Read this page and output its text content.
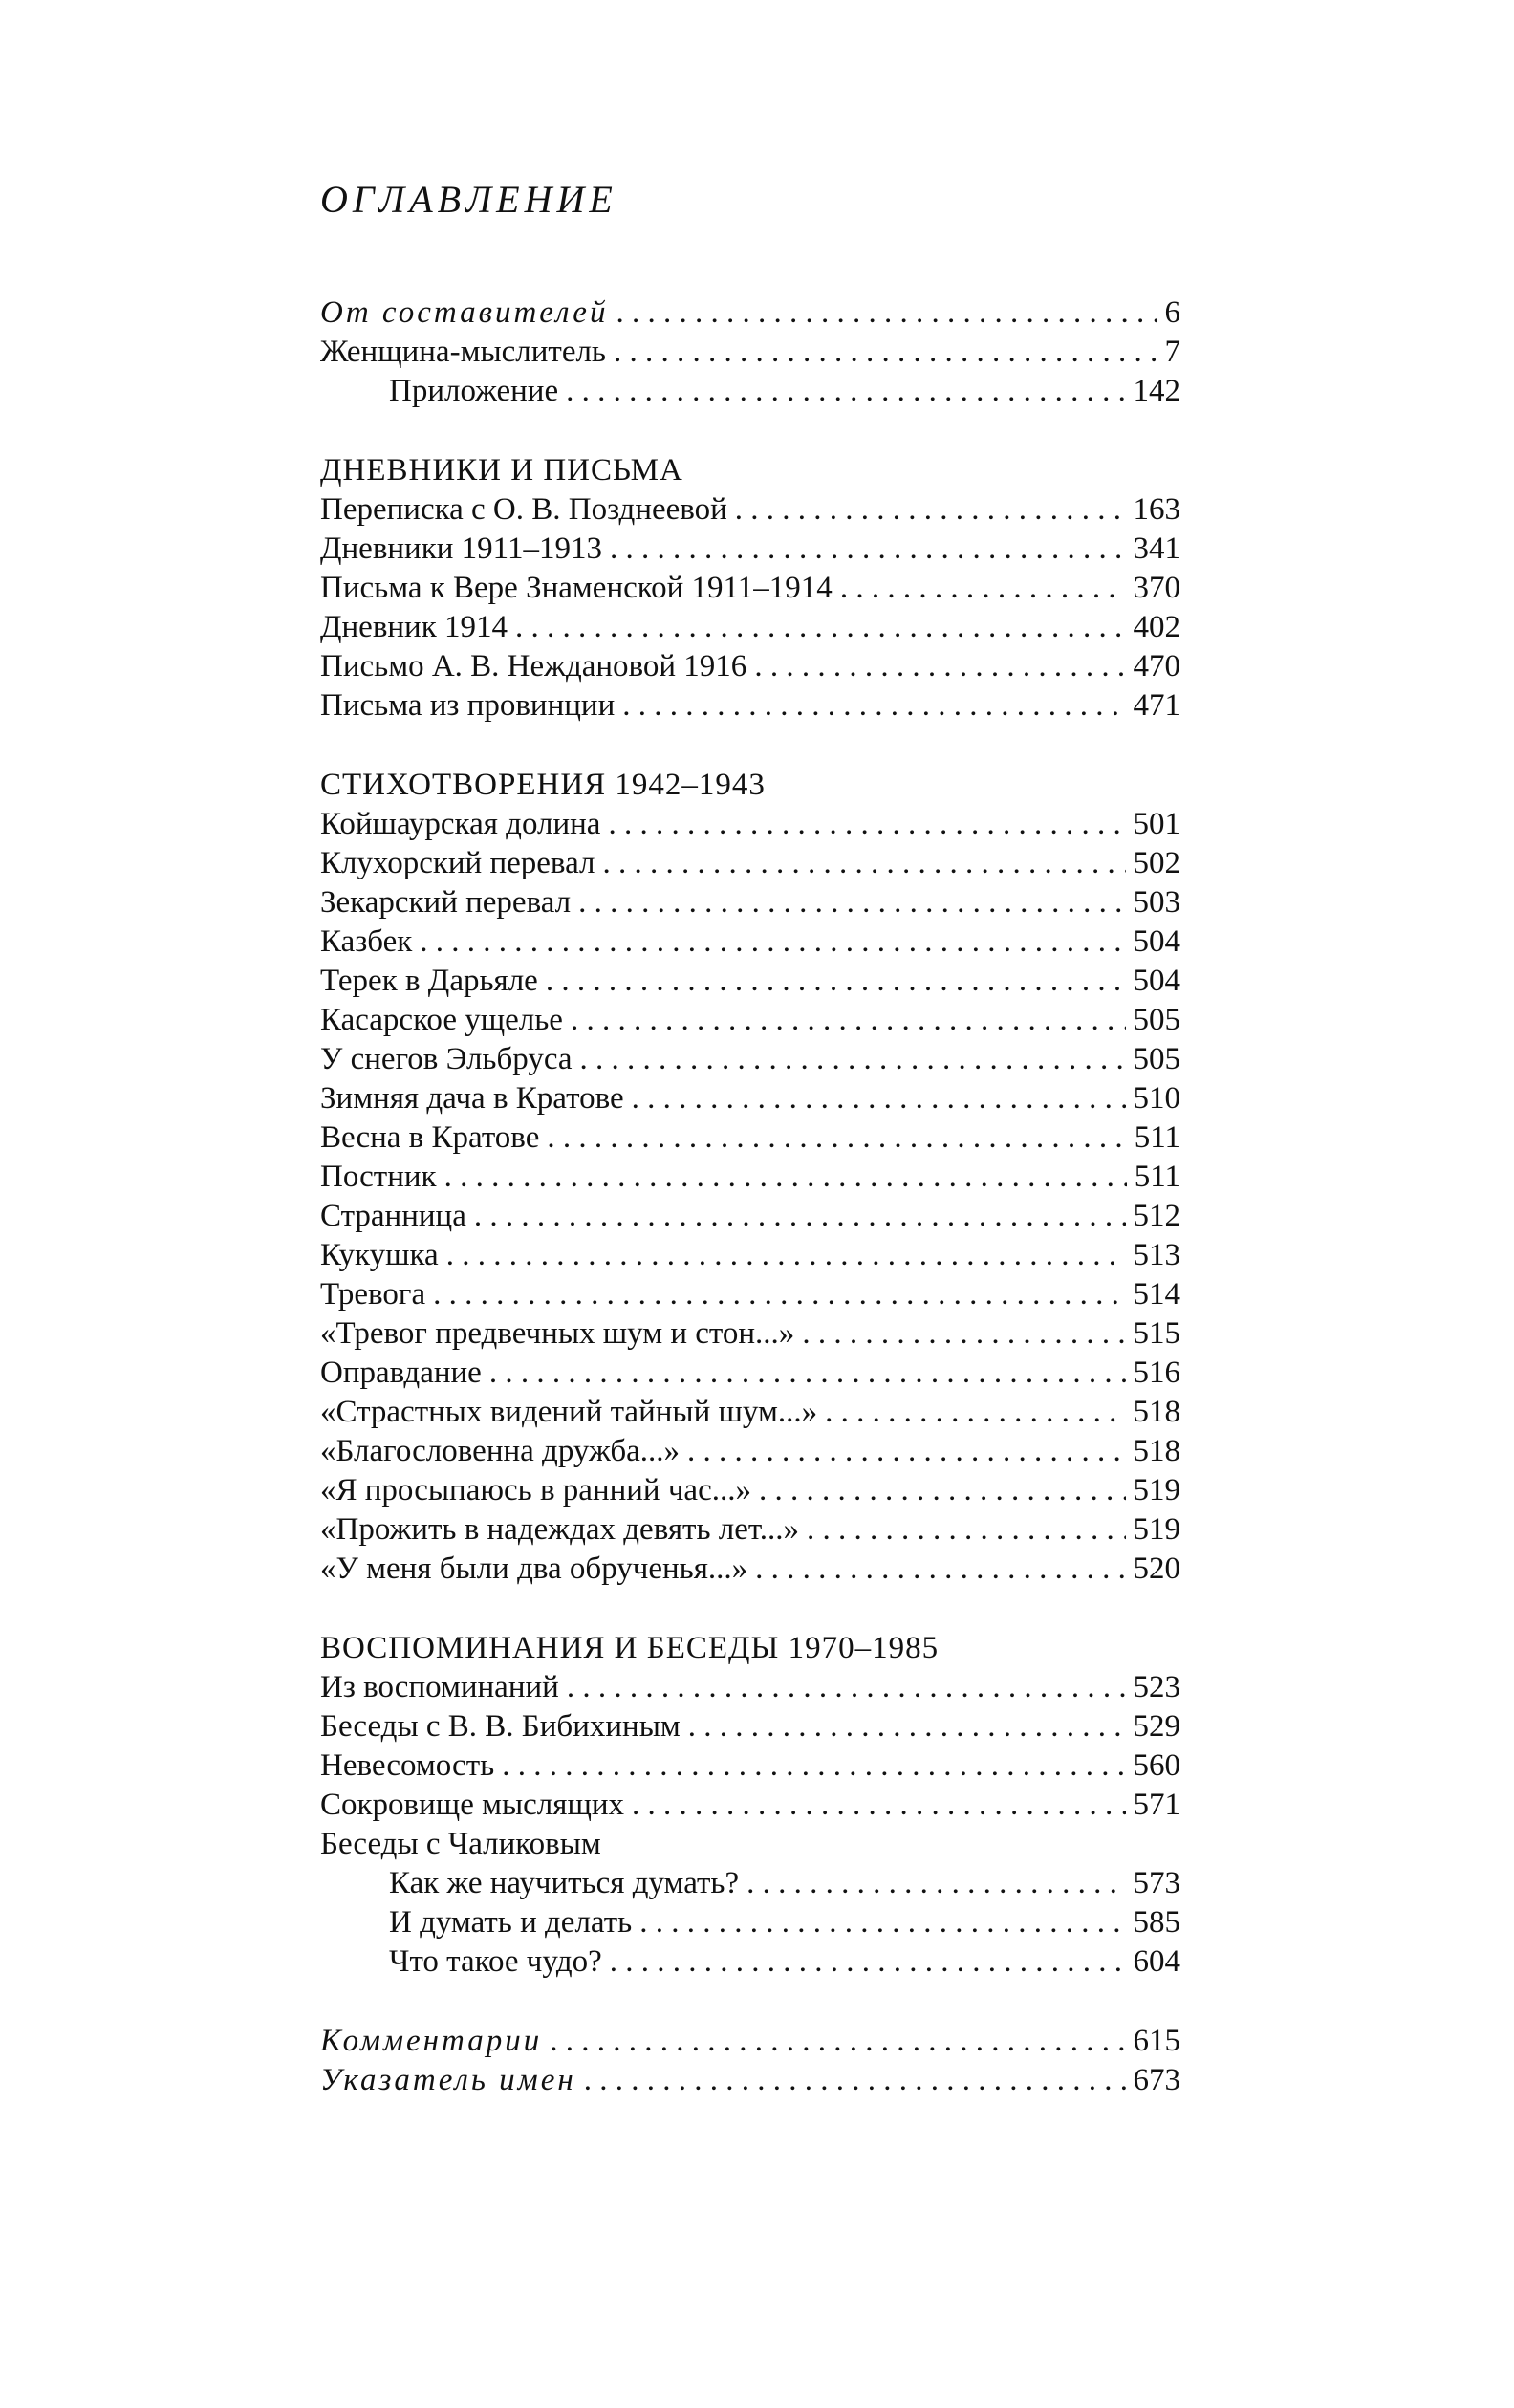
ОГЛАВЛЕНИЕ
От составителей . . .	6
Женщина-мыслитель . . .	7
Приложение . . .	142
ДНЕВНИКИ И ПИСЬМА
Переписка с О. В. Позднеевой . . .	163
Дневники 1911–1913 . . .	341
Письма к Вере Знаменской 1911–1914 . . .	370
Дневник 1914 . . .	402
Письмо А. В. Неждановой 1916 . . .	470
Письма из провинции . . .	471
СТИХОТВОРЕНИЯ 1942–1943
Койшаурская долина . . .	501
Клухорский перевал . . .	502
Зекарский перевал . . .	503
Казбек . . .	504
Терек в Дарьяле . . .	504
Касарское ущелье . . .	505
У снегов Эльбруса . . .	505
Зимняя дача в Кратове . . .	510
Весна в Кратове . . .	511
Постник . . .	511
Странница . . .	512
Кукушка . . .	513
Тревога . . .	514
«Тревог предвечных шум и стон...» . . .	515
Оправдание . . .	516
«Страстных видений тайный шум...» . . .	518
«Благословенна дружба...» . . .	518
«Я просыпаюсь в ранний час...» . . .	519
«Прожить в надеждах девять лет...» . . .	519
«У меня были два обрученья...» . . .	520
ВОСПОМИНАНИЯ И БЕСЕДЫ 1970–1985
Из воспоминаний . . .	523
Беседы с В. В. Бибихиным . . .	529
Невесомость . . .	560
Сокровище мыслящих . . .	571
Беседы с Чаликовым
Как же научиться думать? . . .	573
И думать и делать . . .	585
Что такое чудо? . . .	604
Комментарии . . .	615
Указатель имен . . .	673
